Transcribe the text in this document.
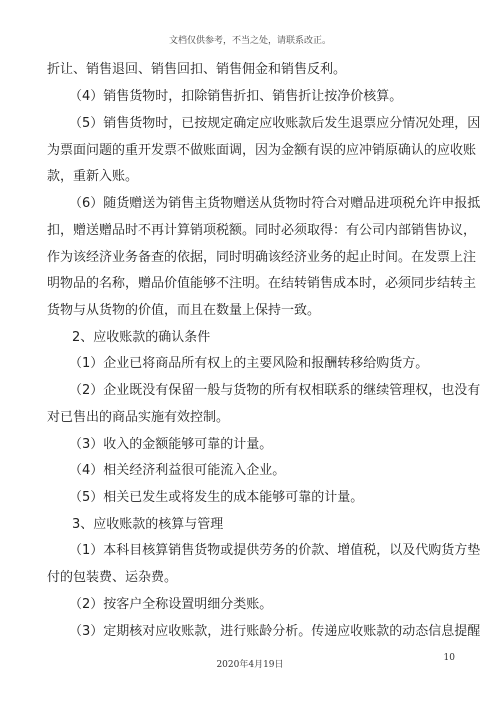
文档仅供参考，不当之处，请联系改正。
折让、销售退回、销售回扣、销售佣金和销售反利。
（4）销售货物时，扣除销售折扣、销售折让按净价核算。
（5）销售货物时，已按规定确定应收账款后发生退票应分情况处理，因
为票面问题的重开发票不做账面调，因为金额有误的应冲销原确认的应收账
款，重新入账。
（6）随货赠送为销售主货物赠送从货物时符合对赠品进项税允许申报抵
扣，赠送赠品时不再计算销项税额。同时必须取得：有公司内部销售协议，
作为该经济业务备查的依据，同时明确该经济业务的起止时间。在发票上注
明物品的名称，赠品价值能够不注明。在结转销售成本时，必须同步结转主
货物与从货物的价值，而且在数量上保持一致。
2、应收账款的确认条件
（1）企业已将商品所有权上的主要风险和报酬转移给购货方。
（2）企业既没有保留一般与货物的所有权相联系的继续管理权，也没有
对已售出的商品实施有效控制。
（3）收入的金额能够可靠的计量。
（4）相关经济利益很可能流入企业。
（5）相关已发生或将发生的成本能够可靠的计量。
3、应收账款的核算与管理
（1）本科目核算销售货物或提供劳务的价款、增值税，以及代购货方垫
付的包装费、运杂费。
（2）按客户全称设置明细分类账。
（3）定期核对应收账款，进行账龄分析。传递应收账款的动态信息提醒
10
2020年4月19日
